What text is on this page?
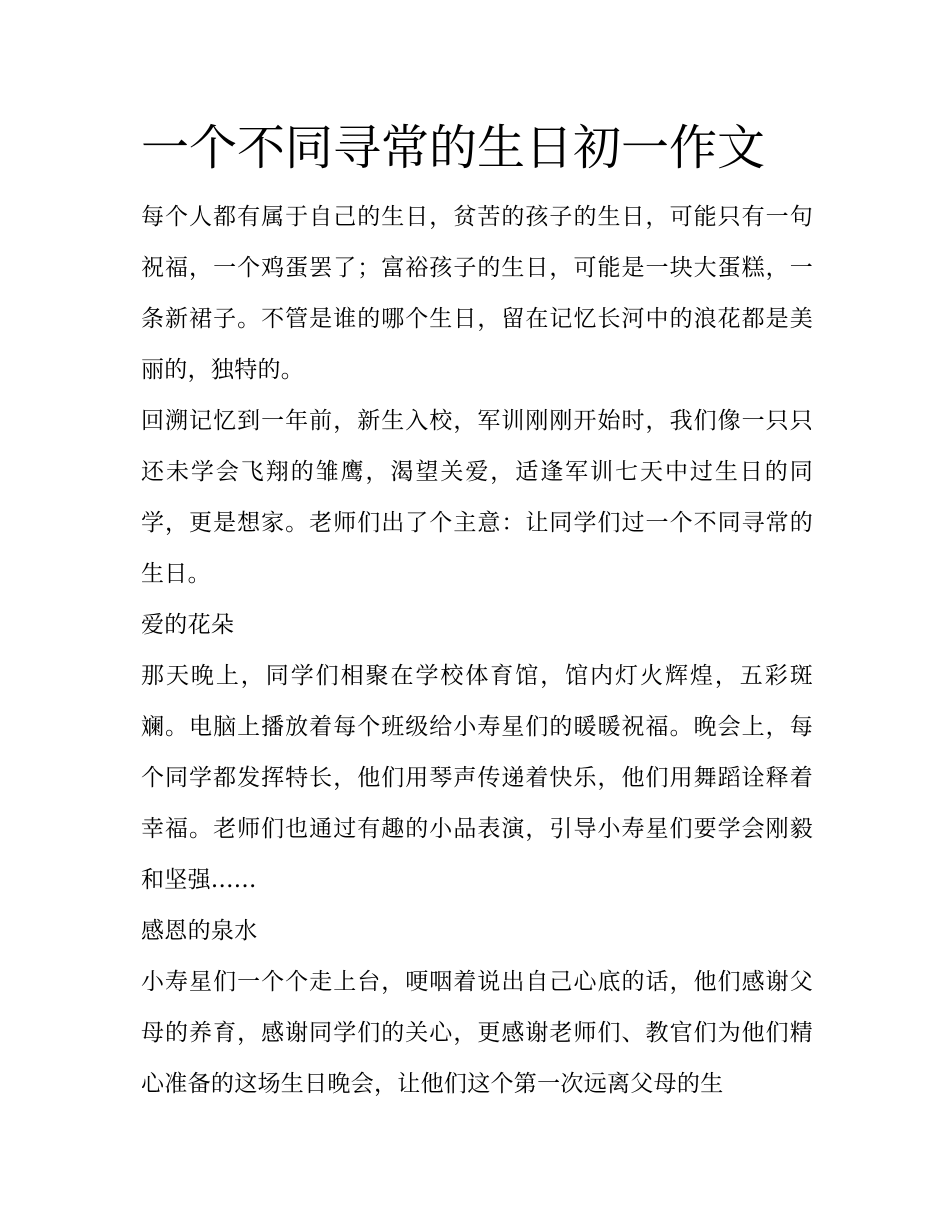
一个不同寻常的生日初一作文

每个人都有属于自己的生日，贫苦的孩子的生日，可能只有一句祝福，一个鸡蛋罢了；富裕孩子的生日，可能是一块大蛋糕，一条新裙子。不管是谁的哪个生日，留在记忆长河中的浪花都是美丽的，独特的。

回溯记忆到一年前，新生入校，军训刚刚开始时，我们像一只只还未学会飞翔的雏鹰，渴望关爱，适逢军训七天中过生日的同学，更是想家。老师们出了个主意：让同学们过一个不同寻常的生日。

爱的花朵

那天晚上，同学们相聚在学校体育馆，馆内灯火辉煌，五彩斑斓。电脑上播放着每个班级给小寿星们的暖暖祝福。晚会上，每个同学都发挥特长，他们用琴声传递着快乐，他们用舞蹈诠释着幸福。老师们也通过有趣的小品表演，引导小寿星们要学会刚毅和坚强......

感恩的泉水

小寿星们一个个走上台，哽咽着说出自己心底的话，他们感谢父母的养育，感谢同学们的关心，更感谢老师们、教官们为他们精心准备的这场生日晚会，让他们这个第一次远离父母的生
